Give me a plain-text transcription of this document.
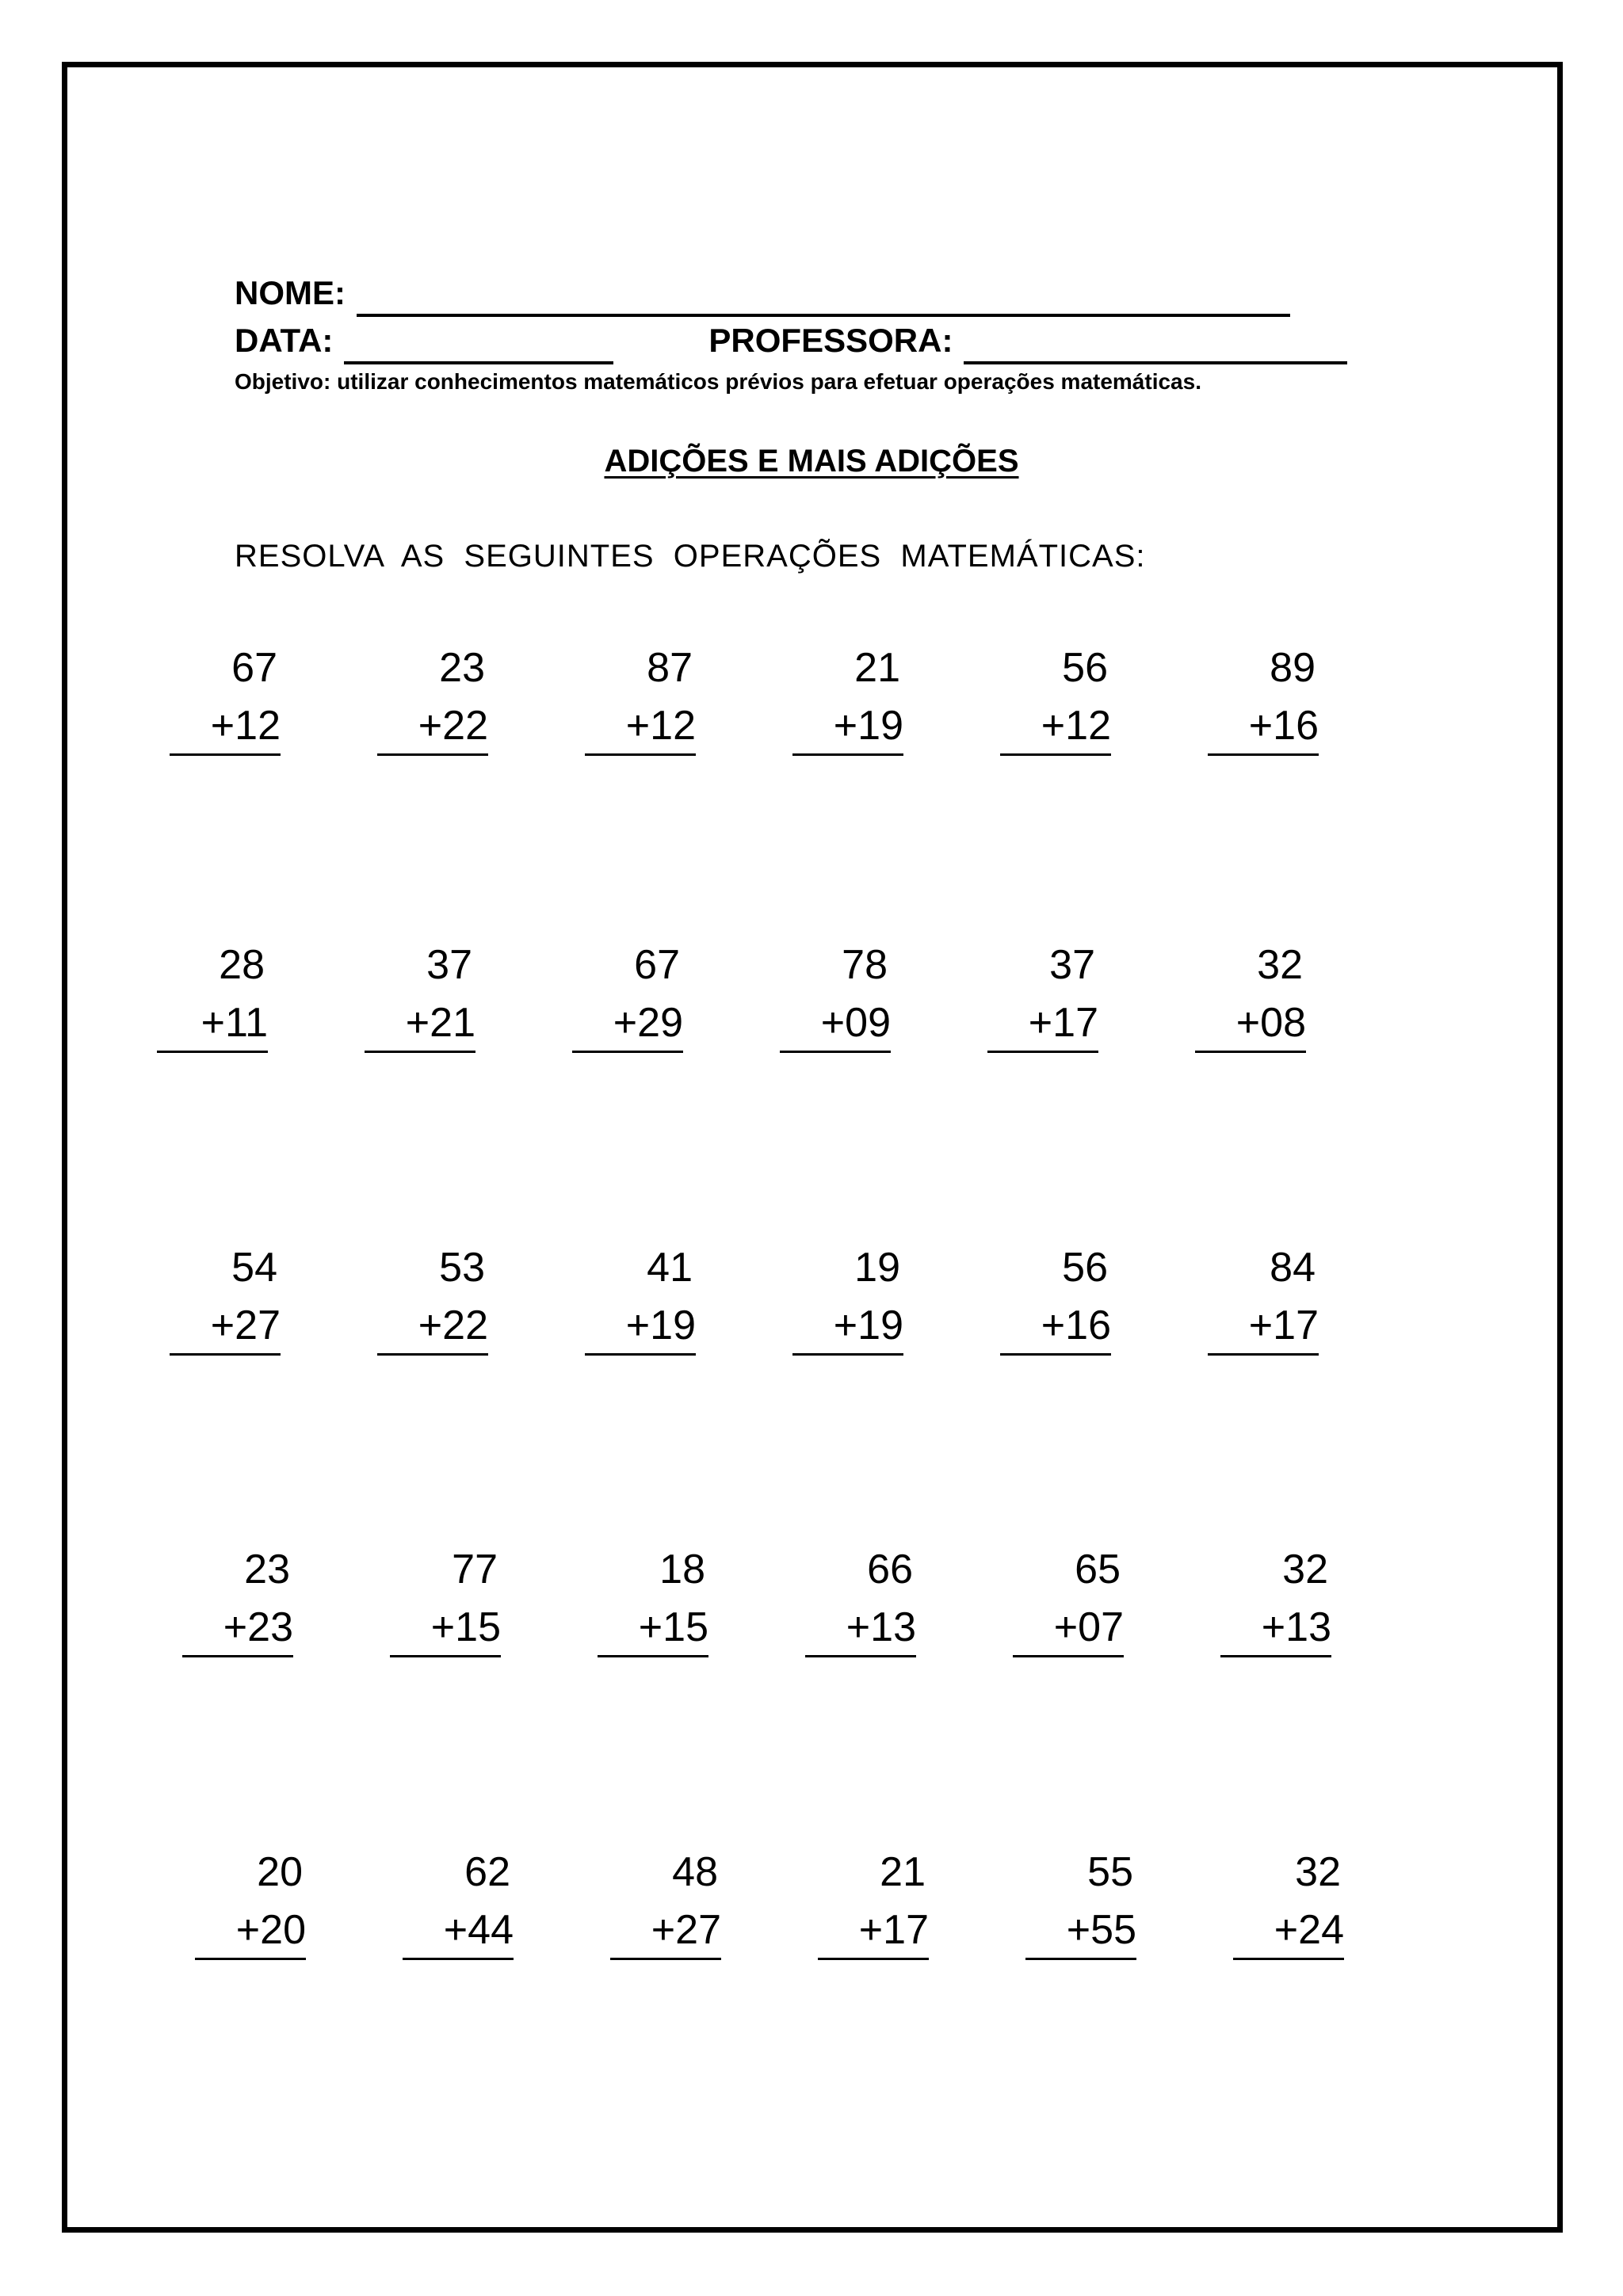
NOME:
DATA:	PROFESSORA:
Objetivo: utilizar conhecimentos matemáticos prévios para efetuar operações matemáticas.
ADIÇÕES E MAIS ADIÇÕES
RESOLVA  AS  SEGUINTES  OPERAÇÕES  MATEMÁTICAS:
67
+12
23
+22
87
+12
21
+19
56
+12
89
+16
28
+11
37
+21
67
+29
78
+09
37
+17
32
+08
54
+27
53
+22
41
+19
19
+19
56
+16
84
+17
23
+23
77
+15
18
+15
66
+13
65
+07
32
+13
20
+20
62
+44
48
+27
21
+17
55
+55
32
+24
